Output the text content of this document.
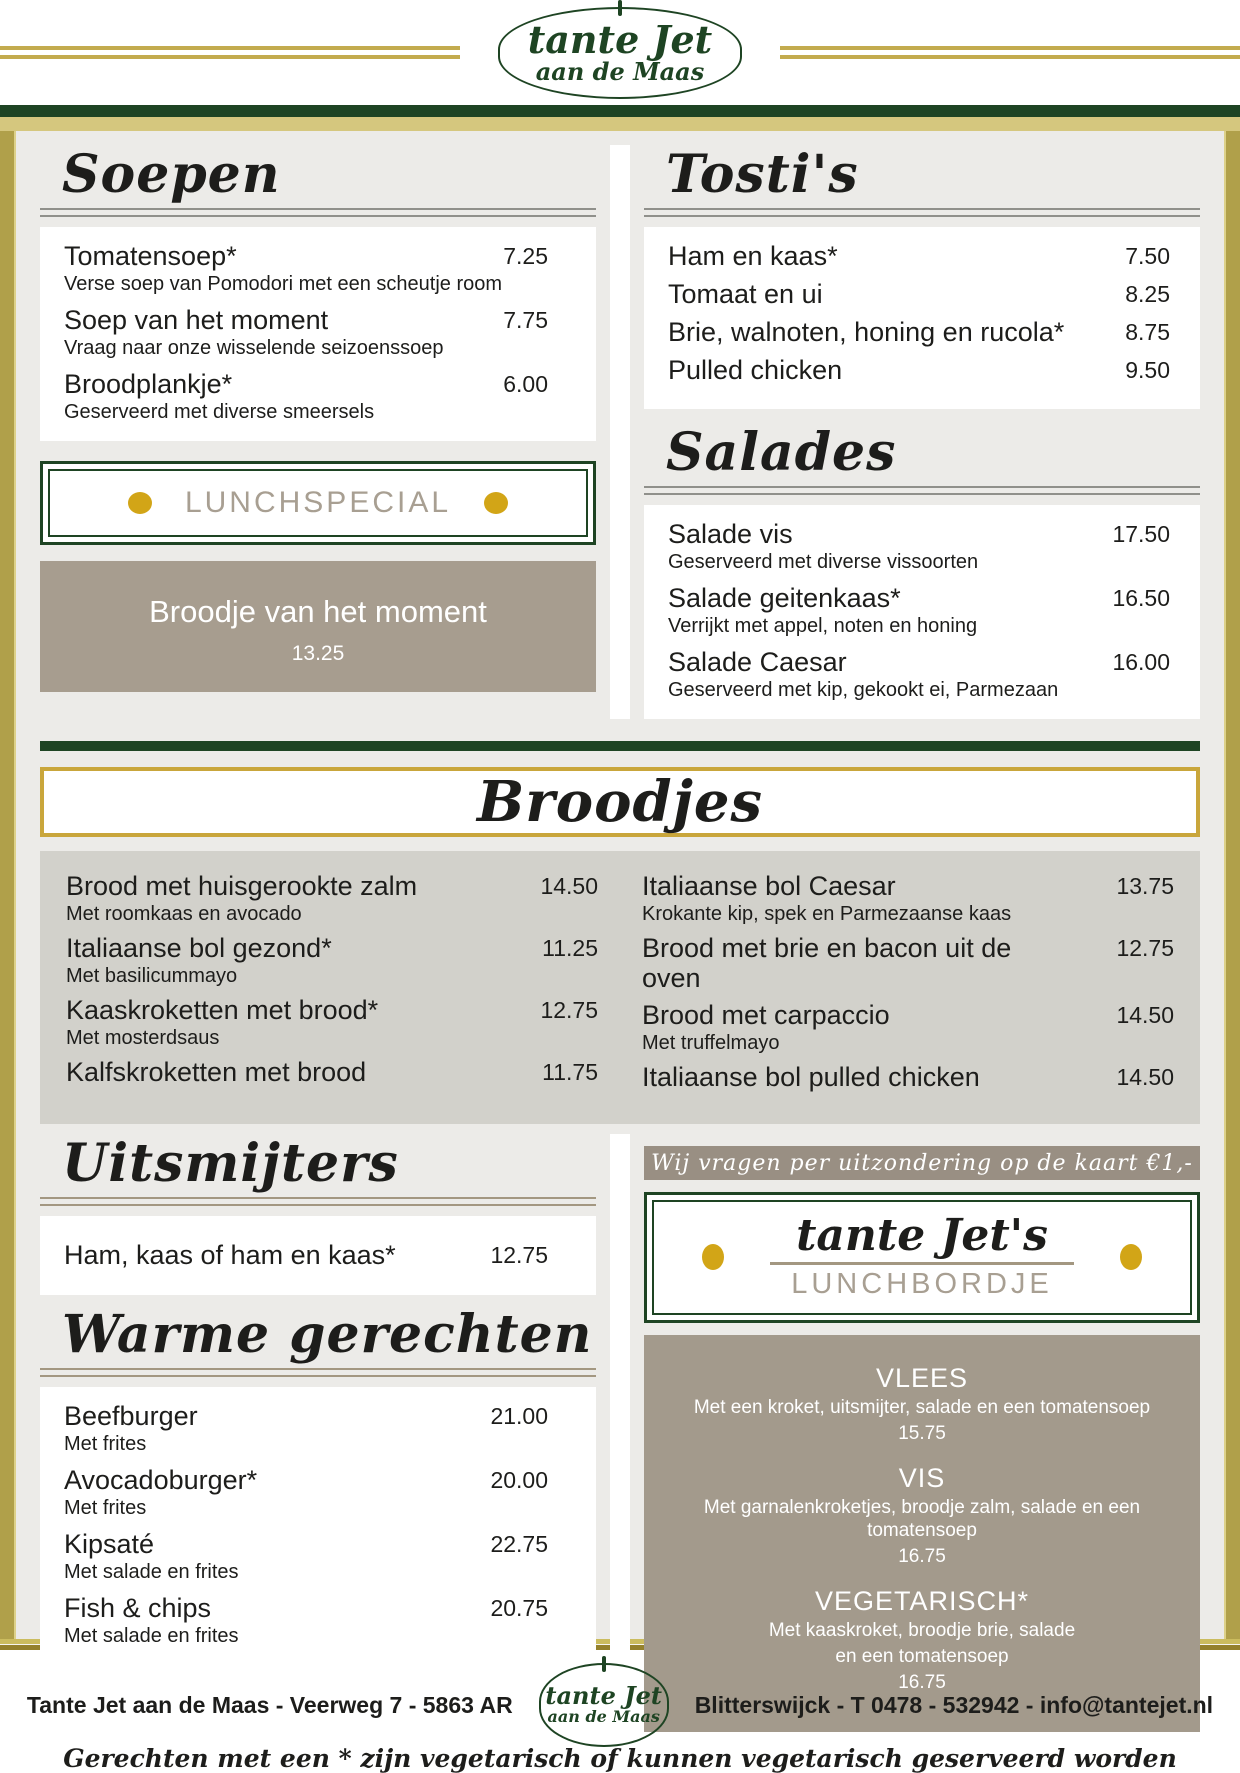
tante Jet
aan de Maas
Soepen
Tomatensoep*	7.25
Verse soep van Pomodori met een scheutje room
Soep van het moment	7.75
Vraag naar onze wisselende seizoenssoep
Broodplankje*	6.00
Geserveerd met diverse smeersels
LUNCHSPECIAL
Broodje van het moment
13.25
Tosti's
Ham en kaas*	7.50
Tomaat en ui	8.25
Brie, walnoten, honing en rucola*	8.75
Pulled chicken	9.50
Salades
Salade vis	17.50
Geserveerd met diverse vissoorten
Salade geitenkaas*	16.50
Verrijkt met appel, noten en honing
Salade Caesar	16.00
Geserveerd met kip, gekookt ei, Parmezaan
Broodjes
Brood met huisgerookte zalm	14.50
Met roomkaas en avocado
Italiaanse bol gezond*	11.25
Met basilicummayo
Kaaskroketten met brood*	12.75
Met mosterdsaus
Kalfskroketten met brood	11.75
Italiaanse bol Caesar	13.75
Krokante kip, spek en Parmezaanse kaas
Brood met brie en bacon uit de oven
12.75
Brood met carpaccio	14.50
Met truffelmayo
Italiaanse bol pulled chicken	14.50
Uitsmijters
Ham, kaas of ham en kaas*	12.75
Warme gerechten
Beefburger	21.00
Met frites
Avocadoburger*	20.00
Met frites
Kipsaté	22.75
Met salade en frites
Fish & chips	20.75
Met salade en frites
Wij vragen per uitzondering op de kaart €1,-
tante Jet's
LUNCHBORDJE
VLEES
Met een kroket, uitsmijter, salade en een tomatensoep
15.75
VIS
Met garnalenkroketjes, broodje zalm, salade en een tomatensoep
16.75
VEGETARISCH*
Met kaaskroket, broodje brie, salade
en een tomatensoep
16.75
Gerechten met een * zijn vegetarisch of kunnen vegetarisch geserveerd worden
Tante Jet aan de Maas - Veerweg 7 - 5863 AR tante Jet
aan de Maas Blitterswijck - T 0478 - 532942 - info@tantejet.nl
